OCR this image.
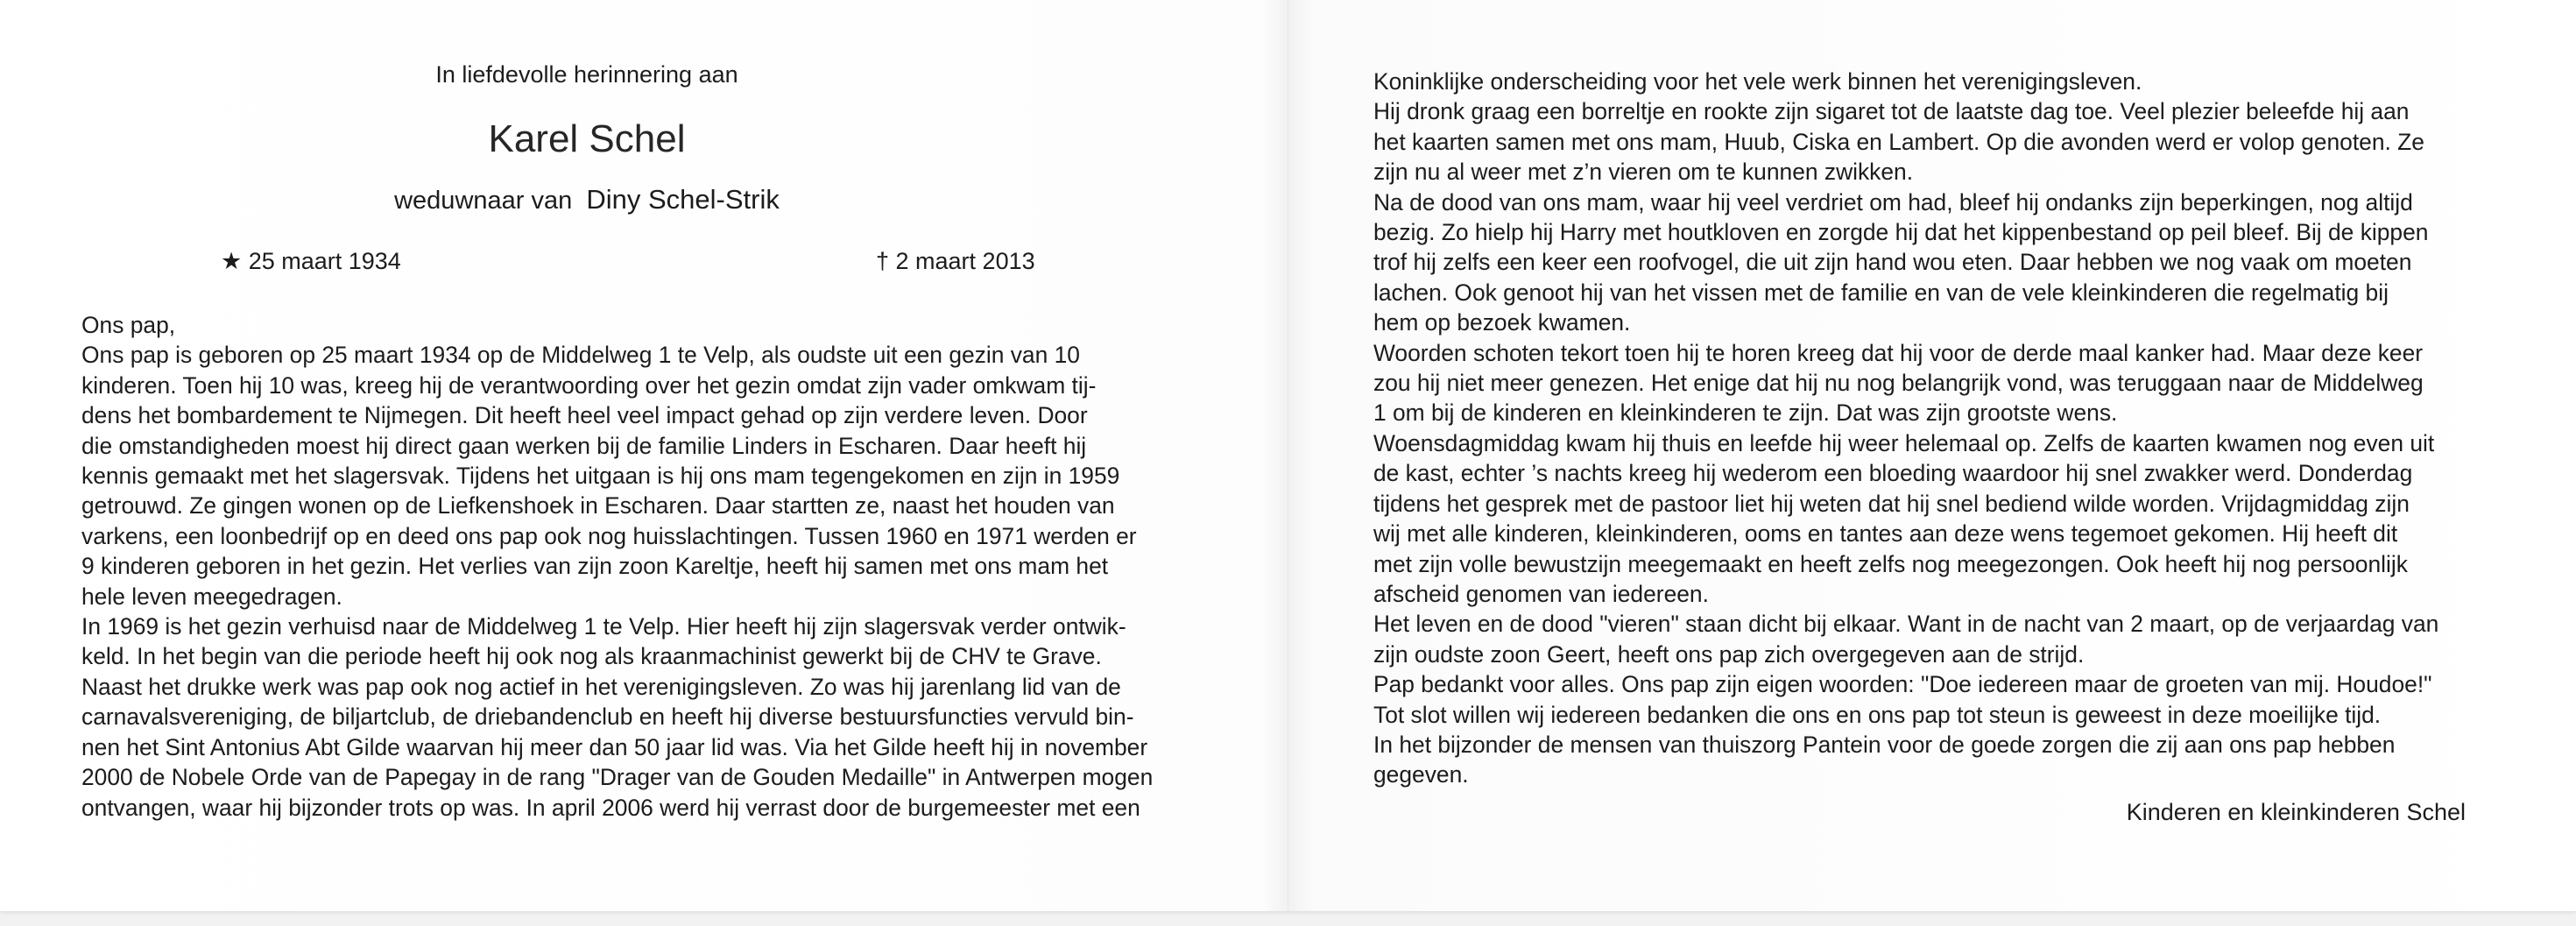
In liefdevolle herinnering aan
Karel Schel
weduwnaar van Diny Schel-Strik
★ 25 maart 1934	† 2 maart 2013
Ons pap,
Ons pap is geboren op 25 maart 1934 op de Middelweg 1 te Velp, als oudste uit een gezin van 10
kinderen. Toen hij 10 was, kreeg hij de verantwoording over het gezin omdat zijn vader omkwam tij-
dens het bombardement te Nijmegen. Dit heeft heel veel impact gehad op zijn verdere leven. Door
die omstandigheden moest hij direct gaan werken bij de familie Linders in Escharen. Daar heeft hij
kennis gemaakt met het slagersvak. Tijdens het uitgaan is hij ons mam tegengekomen en zijn in 1959
getrouwd. Ze gingen wonen op de Liefkenshoek in Escharen. Daar startten ze, naast het houden van
varkens, een loonbedrijf op en deed ons pap ook nog huisslachtingen. Tussen 1960 en 1971 werden er
9 kinderen geboren in het gezin. Het verlies van zijn zoon Kareltje, heeft hij samen met ons mam het
hele leven meegedragen.
In 1969 is het gezin verhuisd naar de Middelweg 1 te Velp. Hier heeft hij zijn slagersvak verder ontwik-
keld. In het begin van die periode heeft hij ook nog als kraanmachinist gewerkt bij de CHV te Grave.
Naast het drukke werk was pap ook nog actief in het verenigingsleven. Zo was hij jarenlang lid van de
carnavalsvereniging, de biljartclub, de driebandenclub en heeft hij diverse bestuursfuncties vervuld bin-
nen het Sint Antonius Abt Gilde waarvan hij meer dan 50 jaar lid was. Via het Gilde heeft hij in november
2000 de Nobele Orde van de Papegay in de rang "Drager van de Gouden Medaille" in Antwerpen mogen
ontvangen, waar hij bijzonder trots op was. In april 2006 werd hij verrast door de burgemeester met een
Koninklijke onderscheiding voor het vele werk binnen het verenigingsleven.
Hij dronk graag een borreltje en rookte zijn sigaret tot de laatste dag toe. Veel plezier beleefde hij aan
het kaarten samen met ons mam, Huub, Ciska en Lambert. Op die avonden werd er volop genoten. Ze
zijn nu al weer met z’n vieren om te kunnen zwikken.
Na de dood van ons mam, waar hij veel verdriet om had, bleef hij ondanks zijn beperkingen, nog altijd
bezig. Zo hielp hij Harry met houtkloven en zorgde hij dat het kippenbestand op peil bleef. Bij de kippen
trof hij zelfs een keer een roofvogel, die uit zijn hand wou eten. Daar hebben we nog vaak om moeten
lachen. Ook genoot hij van het vissen met de familie en van de vele kleinkinderen die regelmatig bij
hem op bezoek kwamen.
Woorden schoten tekort toen hij te horen kreeg dat hij voor de derde maal kanker had. Maar deze keer
zou hij niet meer genezen. Het enige dat hij nu nog belangrijk vond, was teruggaan naar de Middelweg
1 om bij de kinderen en kleinkinderen te zijn. Dat was zijn grootste wens.
Woensdagmiddag kwam hij thuis en leefde hij weer helemaal op. Zelfs de kaarten kwamen nog even uit
de kast, echter ’s nachts kreeg hij wederom een bloeding waardoor hij snel zwakker werd. Donderdag
tijdens het gesprek met de pastoor liet hij weten dat hij snel bediend wilde worden. Vrijdagmiddag zijn
wij met alle kinderen, kleinkinderen, ooms en tantes aan deze wens tegemoet gekomen. Hij heeft dit
met zijn volle bewustzijn meegemaakt en heeft zelfs nog meegezongen. Ook heeft hij nog persoonlijk
afscheid genomen van iedereen.
Het leven en de dood "vieren" staan dicht bij elkaar. Want in de nacht van 2 maart, op de verjaardag van
zijn oudste zoon Geert, heeft ons pap zich overgegeven aan de strijd.
Pap bedankt voor alles. Ons pap zijn eigen woorden: "Doe iedereen maar de groeten van mij. Houdoe!"
Tot slot willen wij iedereen bedanken die ons en ons pap tot steun is geweest in deze moeilijke tijd.
In het bijzonder de mensen van thuiszorg Pantein voor de goede zorgen die zij aan ons pap hebben
gegeven.
Kinderen en kleinkinderen Schel
